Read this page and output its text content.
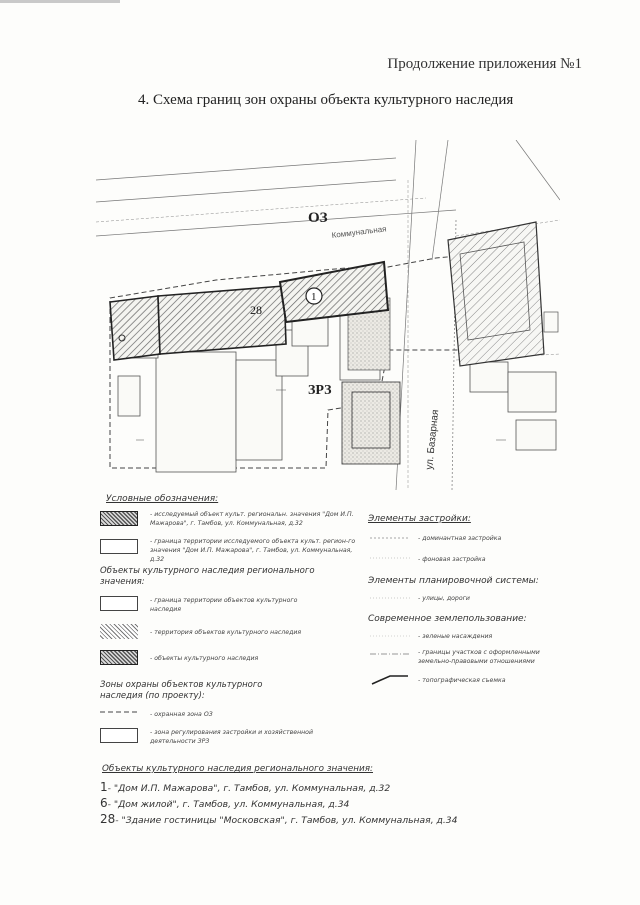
Продолжение приложения №1
4. Схема границ зон охраны объекта культурного наследия
ОЗ
ЗРЗ
Коммунальная
ул. Базарная
1
28
Условные обозначения:
- исследуемый объект культ. региональн. значения "Дом И.П. Мажарова", г. Тамбов, ул. Коммунальная, д.32
- граница территории исследуемого объекта культ. регион-го значения "Дом И.П. Мажарова", г. Тамбов, ул. Коммунальная, д.32
Объекты культурного наследия регионального значения:
- граница территории объектов культурного наследия
- территория объектов культурного наследия
- объекты культурного наследия
Зоны охраны объектов культурного наследия (по проекту):
- охранная зона ОЗ
- зона регулирования застройки и хозяйственной деятельности ЗРЗ
Элементы застройки:
- доминантная застройка
- фоновая застройка
Элементы планировочной системы:
- улицы, дороги
Современное землепользование:
- зеленые насаждения
- границы участков с оформленными земельно-правовыми отношениями
- топографическая съемка
Объекты культурного наследия регионального значения:
1- "Дом И.П. Мажарова", г. Тамбов, ул. Коммунальная, д.32
6- "Дом жилой", г. Тамбов, ул. Коммунальная, д.34
28- "Здание гостиницы "Московская", г. Тамбов, ул. Коммунальная, д.34
